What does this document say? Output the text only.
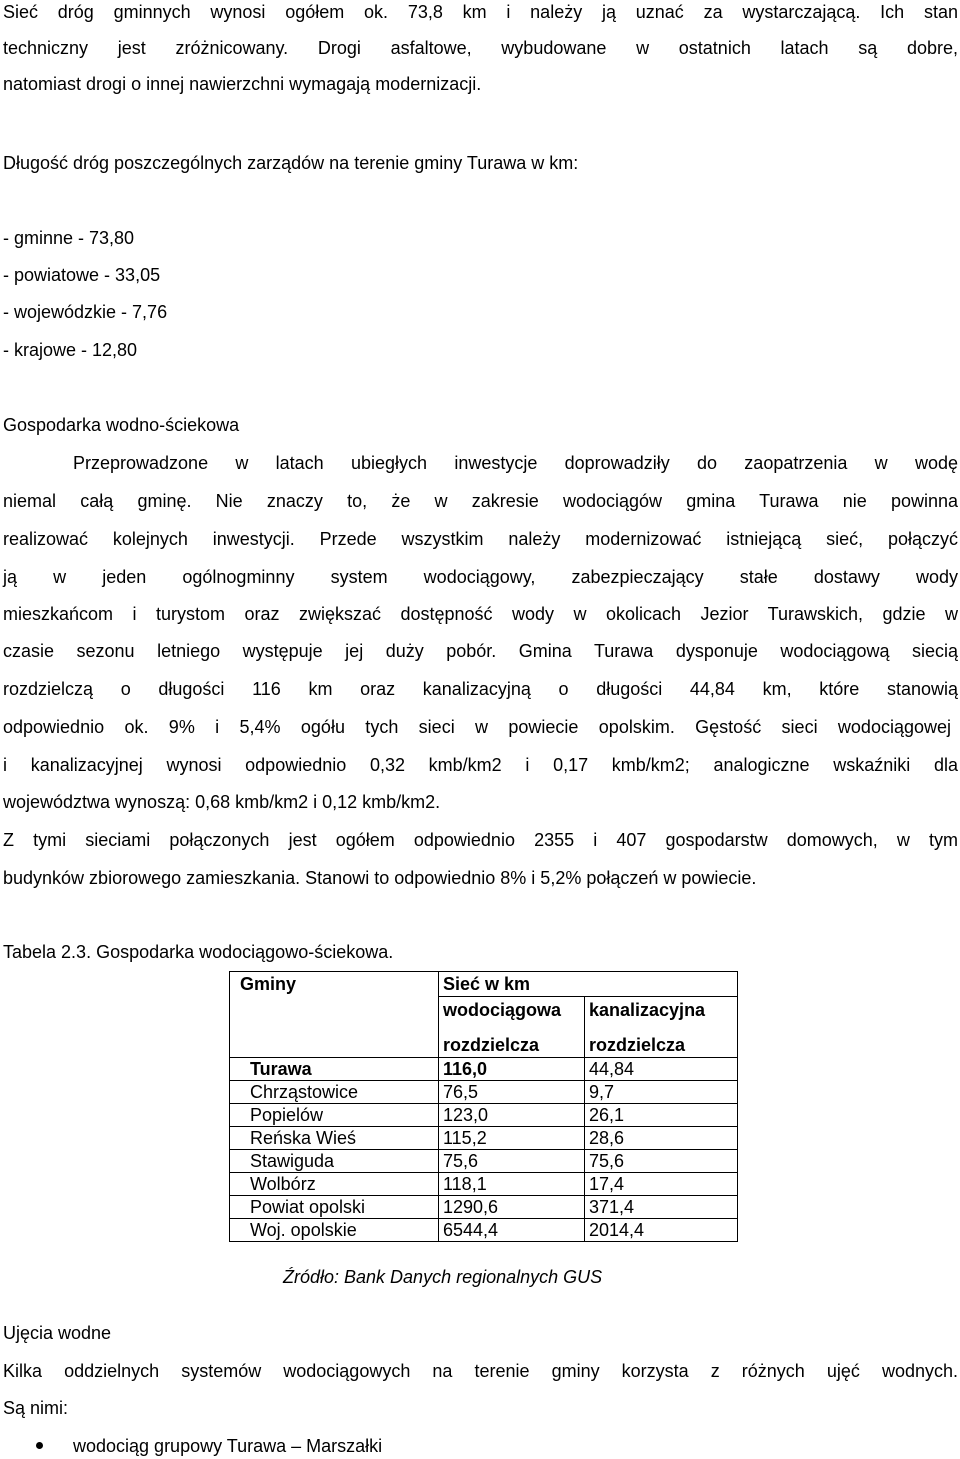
Sieć dróg gminnych wynosi ogółem ok. 73,8 km i należy ją uznać za wystarczającą. Ich stan

techniczny jest zróżnicowany. Drogi asfaltowe, wybudowane w ostatnich latach są dobre,

natomiast drogi o innej nawierzchni wymagają modernizacji.

Długość dróg poszczególnych zarządów na terenie gminy Turawa w km:

- gminne - 73,80

- powiatowe - 33,05

- wojewódzkie - 7,76

- krajowe - 12,80

Gospodarka wodno-ściekowa

Przeprowadzone w latach ubiegłych inwestycje doprowadziły do zaopatrzenia w wodę

niemal całą gminę. Nie znaczy to, że w zakresie wodociągów gmina Turawa nie powinna

realizować kolejnych inwestycji. Przede wszystkim należy modernizować istniejącą sieć, połączyć

ją w jeden ogólnogminny system wodociągowy, zabezpieczający stałe dostawy wody

mieszkańcom i turystom oraz zwiększać dostępność wody w okolicach Jezior Turawskich, gdzie w

czasie sezonu letniego występuje jej duży pobór. Gmina Turawa dysponuje wodociągową siecią

rozdzielczą o długości 116 km oraz kanalizacyjną o długości 44,84 km, które stanowią

odpowiednio ok. 9% i 5,4% ogółu tych sieci w powiecie opolskim. Gęstość sieci wodociągowej

i kanalizacyjnej wynosi odpowiednio 0,32 kmb/km2 i 0,17 kmb/km2; analogiczne wskaźniki dla

województwa wynoszą: 0,68 kmb/km2 i 0,12 kmb/km2.

Z tymi sieciami połączonych jest ogółem odpowiednio 2355 i 407 gospodarstw domowych, w tym

budynków zbiorowego zamieszkania. Stanowi to odpowiednio 8% i 5,2% połączeń w powiecie.

Tabela 2.3. Gospodarka wodociągowo-ściekowa.

Gminy	Sieć w km	
	wodociągowa	kanalizacyjna
	rozdzielcza	rozdzielcza
Turawa	116,0	44,84
Chrząstowice	76,5	9,7
Popielów	123,0	26,1
Reńska Wieś	115,2	28,6
Stawiguda	75,6	75,6
Wolbórz	118,1	17,4
Powiat opolski	1290,6	371,4
Woj. opolskie	6544,4	2014,4

Źródło: Bank Danych regionalnych GUS

Ujęcia wodne

Kilka oddzielnych systemów wodociągowych na terenie gminy korzysta z różnych ujęć wodnych.

Są nimi:

wodociąg grupowy Turawa – Marszałki
